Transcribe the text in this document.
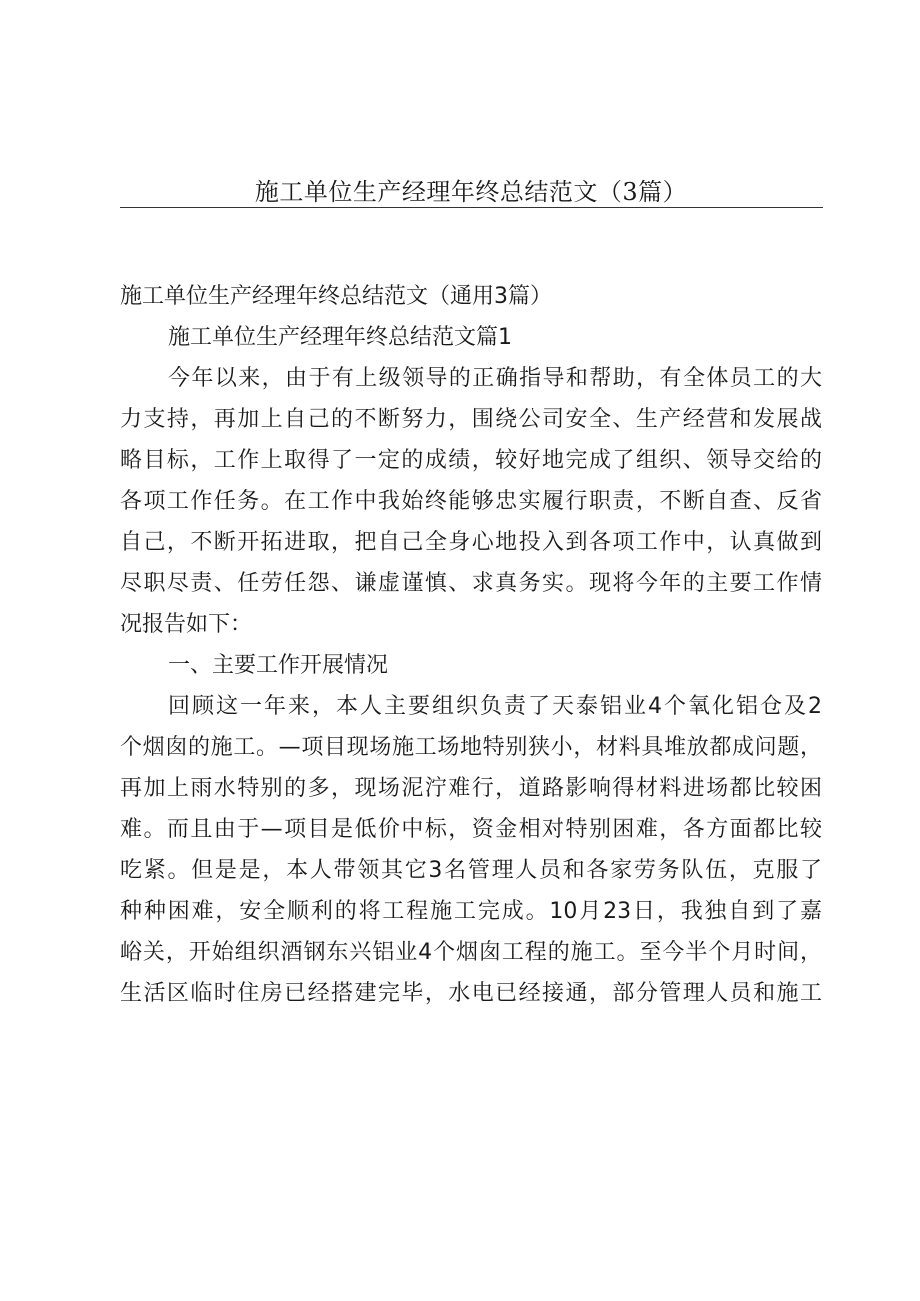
施工单位生产经理年终总结范文（3篇）
施工单位生产经理年终总结范文（通用3篇）
施工单位生产经理年终总结范文篇1
今年以来，由于有上级领导的正确指导和帮助，有全体员工的大
力支持，再加上自己的不断努力，围绕公司安全、生产经营和发展战
略目标，工作上取得了一定的成绩，较好地完成了组织、领导交给的
各项工作任务。在工作中我始终能够忠实履行职责，不断自查、反省
自己，不断开拓进取，把自己全身心地投入到各项工作中，认真做到
尽职尽责、任劳任怨、谦虚谨慎、求真务实。现将今年的主要工作情
况报告如下：
一、主要工作开展情况
回顾这一年来，本人主要组织负责了天泰铝业4个氧化铝仓及2
个烟囱的施工。—项目现场施工场地特别狭小，材料具堆放都成问题，
再加上雨水特别的多，现场泥泞难行，道路影响得材料进场都比较困
难。而且由于—项目是低价中标，资金相对特别困难，各方面都比较
吃紧。但是是，本人带领其它3名管理人员和各家劳务队伍，克服了
种种困难，安全顺利的将工程施工完成。10月23日，我独自到了嘉
峪关，开始组织酒钢东兴铝业4个烟囱工程的施工。至今半个月时间，
生活区临时住房已经搭建完毕，水电已经接通，部分管理人员和施工
